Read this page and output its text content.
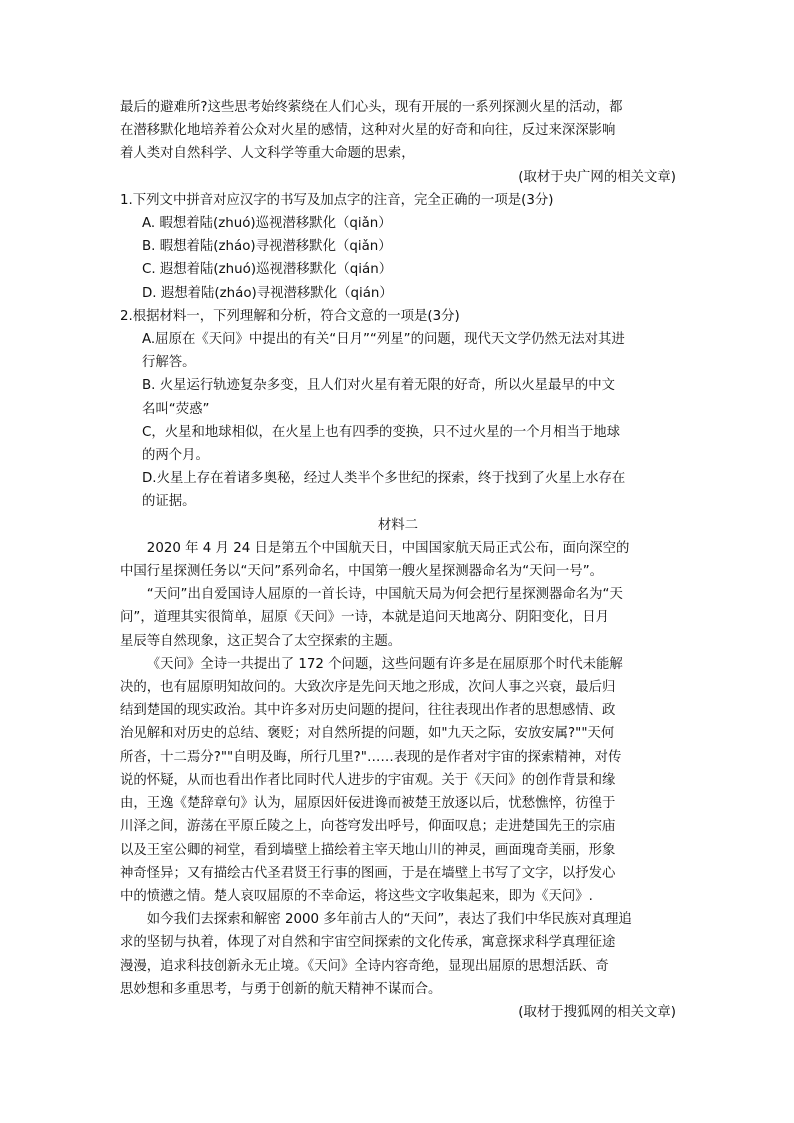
最后的避难所?这些思考始终萦绕在人们心头，现有开展的一系列探测火星的活动，都

在潜移默化地培养着公众对火星的感情，这种对火星的好奇和向往，反过来深深影响

着人类对自然科学、人文科学等重大命题的思索，

(取材于央广网的相关文章)

1.下列文中拼音对应汉字的书写及加点字的注音，完全正确的一项是(3分)

A. 暇想着陆(zhuó)巡视潜移默化（qiǎn）

B. 暇想着陆(zháo)寻视潜移默化（qiǎn）

C. 遐想着陆(zhuó)巡视潜移默化（qián）

D. 遐想着陆(zháo)寻视潜移默化（qián）

2.根据材料一，下列理解和分析，符合文意的一项是(3分)

A.屈原在《天问》中提出的有关“日月”“列星”的问题，现代天文学仍然无法对其进

行解答。

B. 火星运行轨迹复杂多变，且人们对火星有着无限的好奇，所以火星最早的中文

名叫“荧惑”

C，火星和地球相似，在火星上也有四季的变换，只不过火星的一个月相当于地球

的两个月。

D.火星上存在着诸多奥秘，经过人类半个多世纪的探索，终于找到了火星上水存在

的证据。

材料二

2020 年 4 月 24 日是第五个中国航天日，中国国家航天局正式公布，面向深空的

中国行星探测任务以“天问”系列命名，中国第一艘火星探测器命名为“天问一号”。

“天问”出自爱国诗人屈原的一首长诗，中国航天局为何会把行星探测器命名为“天

问”，道理其实很简单，屈原《天问》一诗，本就是追问天地离分、阴阳变化，日月

星辰等自然现象，这正契合了太空探索的主题。

《天问》全诗一共提出了 172 个问题，这些问题有许多是在屈原那个时代未能解

决的，也有屈原明知故问的。大致次序是先问天地之形成，次问人事之兴衰，最后归

结到楚国的现实政治。其中许多对历史问题的提问，往往表现出作者的思想感情、政

治见解和对历史的总结、褒贬；对自然所提的问题，如"九天之际，安放安属?""天何

所沓，十二焉分?""自明及晦，所行几里?"……表现的是作者对宇宙的探索精神，对传

说的怀疑，从而也看出作者比同时代人进步的宇宙观。关于《天问》的创作背景和缘

由，王逸《楚辞章句》认为，屈原因奸佞进谗而被楚王放逐以后，忧愁憔悴，彷徨于

川泽之间，游荡在平原丘陵之上，向苍穹发出呼号，仰面叹息；走进楚国先王的宗庙

以及王室公卿的祠堂，看到墙壁上描绘着主宰天地山川的神灵，画面瑰奇美丽，形象

神奇怪异；又有描绘古代圣君贤王行事的图画，于是在墙壁上书写了文字，以抒发心

中的愤懑之情。楚人哀叹屈原的不幸命运，将这些文字收集起来，即为《天问》.

如今我们去探索和解密 2000 多年前古人的“天问”，表达了我们中华民族对真理追

求的坚韧与执着，体现了对自然和宇宙空间探索的文化传承，寓意探求科学真理征途

漫漫，追求科技创新永无止境。《天问》全诗内容奇绝，显现出屈原的思想活跃、奇

思妙想和多重思考，与勇于创新的航天精神不谋而合。

(取材于搜狐网的相关文章)
